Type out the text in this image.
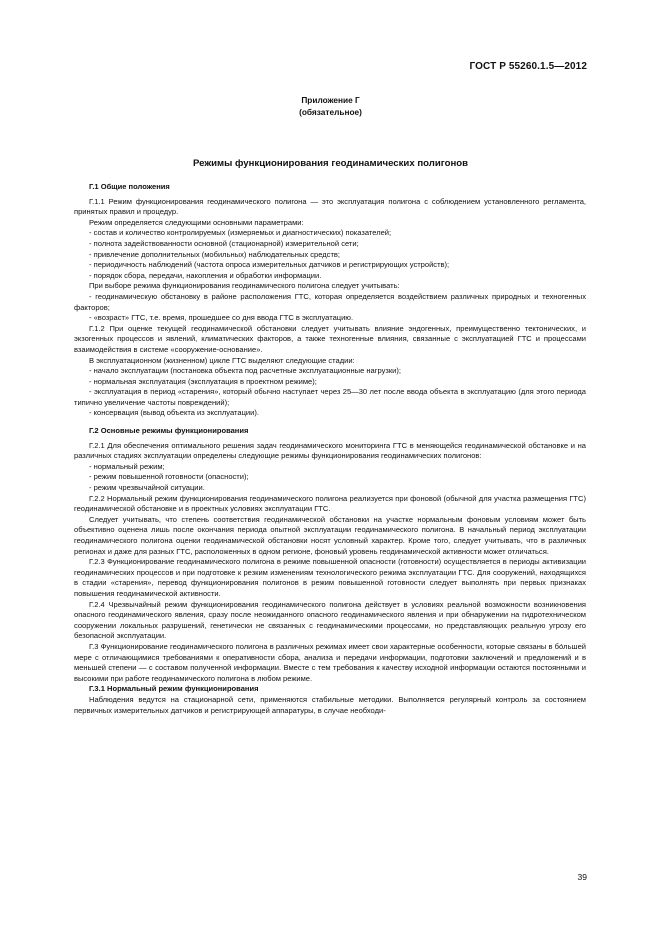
ГОСТ Р 55260.1.5—2012
Приложение Г
(обязательное)
Режимы функционирования геодинамических полигонов

Г.1 Общие положения

Г.1.1 Режим функционирования геодинамического полигона — это эксплуатация полигона с соблюдением установленного регламента, принятых правил и процедур.

Режим определяется следующими основными параметрами:

- состав и количество контролируемых (измеряемых и диагностических) показателей;

- полнота задействованности основной (стационарной) измерительной сети;

- привлечение дополнительных (мобильных) наблюдательных средств;

- периодичность наблюдений (частота опроса измерительных датчиков и регистрирующих устройств);

- порядок сбора, передачи, накопления и обработки информации.

При выборе режима функционирования геодинамического полигона следует учитывать:

- геодинамическую обстановку в районе расположения ГТС, которая определяется воздействием различных природных и техногенных факторов;

- «возраст» ГТС, т.е. время, прошедшее со дня ввода ГТС в эксплуатацию.

Г.1.2 При оценке текущей геодинамической обстановки следует учитывать влияние эндогенных, преимущественно тектонических, и экзогенных процессов и явлений, климатических факторов, а также техногенные влияния, связанные с эксплуатацией ГТС и процессами взаимодействия в системе «сооружение-основание».

В эксплуатационном (жизненном) цикле ГТС выделяют следующие стадии:

- начало эксплуатации (постановка объекта под расчетные эксплуатационные нагрузки);

- нормальная эксплуатация (эксплуатация в проектном режиме);

- эксплуатация в период «старения», который обычно наступает через 25—30 лет после ввода объекта в эксплуатацию (для этого периода типично увеличение частоты повреждений);

- консервация (вывод объекта из эксплуатации).

Г.2 Основные режимы функционирования

Г.2.1 Для обеспечения оптимального решения задач геодинамического мониторинга ГТС в меняющейся геодинамической обстановке и на различных стадиях эксплуатации определены следующие режимы функционирования геодинамических полигонов:

- нормальный режим;

- режим повышенной готовности (опасности);

- режим чрезвычайной ситуации.

Г.2.2 Нормальный режим функционирования геодинамического полигона реализуется при фоновой (обычной для участка размещения ГТС) геодинамической обстановке и в проектных условиях эксплуатации ГТС.

Следует учитывать, что степень соответствия геодинамической обстановки на участке нормальным фоновым условиям может быть объективно оценена лишь после окончания периода опытной эксплуатации геодинамического полигона. В начальный период эксплуатации геодинамического полигона оценки геодинамической обстановки носят условный характер. Кроме того, следует учитывать, что в различных регионах и даже для разных ГТС, расположенных в одном регионе, фоновый уровень геодинамической активности может отличаться.

Г.2.3 Функционирование геодинамического полигона в режиме повышенной опасности (готовности) осуществляется в периоды активизации геодинамических процессов и при подготовке к резким изменениям технологического режима эксплуатации ГТС. Для сооружений, находящихся в стадии «старения», перевод функционирования полигонов в режим повышенной готовности следует выполнять при первых признаках повышения геодинамической активности.

Г.2.4 Чрезвычайный режим функционирования геодинамического полигона действует в условиях реальной возможности возникновения опасного геодинамического явления, сразу после неожиданного опасного геодинамического явления и при обнаружении на гидротехническом сооружении локальных разрушений, генетически не связанных с геодинамическими процессами, но представляющих реальную угрозу его безопасной эксплуатации.

Г.3 Функционирование геодинамического полигона в различных режимах имеет свои характерные особенности, которые связаны в бо́льшей мере с отличающимися требованиями к оперативности сбора, анализа и передачи информации, подготовки заключений и предложений и в меньшей степени — с составом полученной информации. Вместе с тем требования к качеству исходной информации остаются постоянными и высокими при работе геодинамического полигона в любом режиме.

Г.3.1 Нормальный режим функционирования

Наблюдения ведутся на стационарной сети, применяются стабильные методики. Выполняется регулярный контроль за состоянием первичных измерительных датчиков и регистрирующей аппаратуры, в случае необходи-

39
